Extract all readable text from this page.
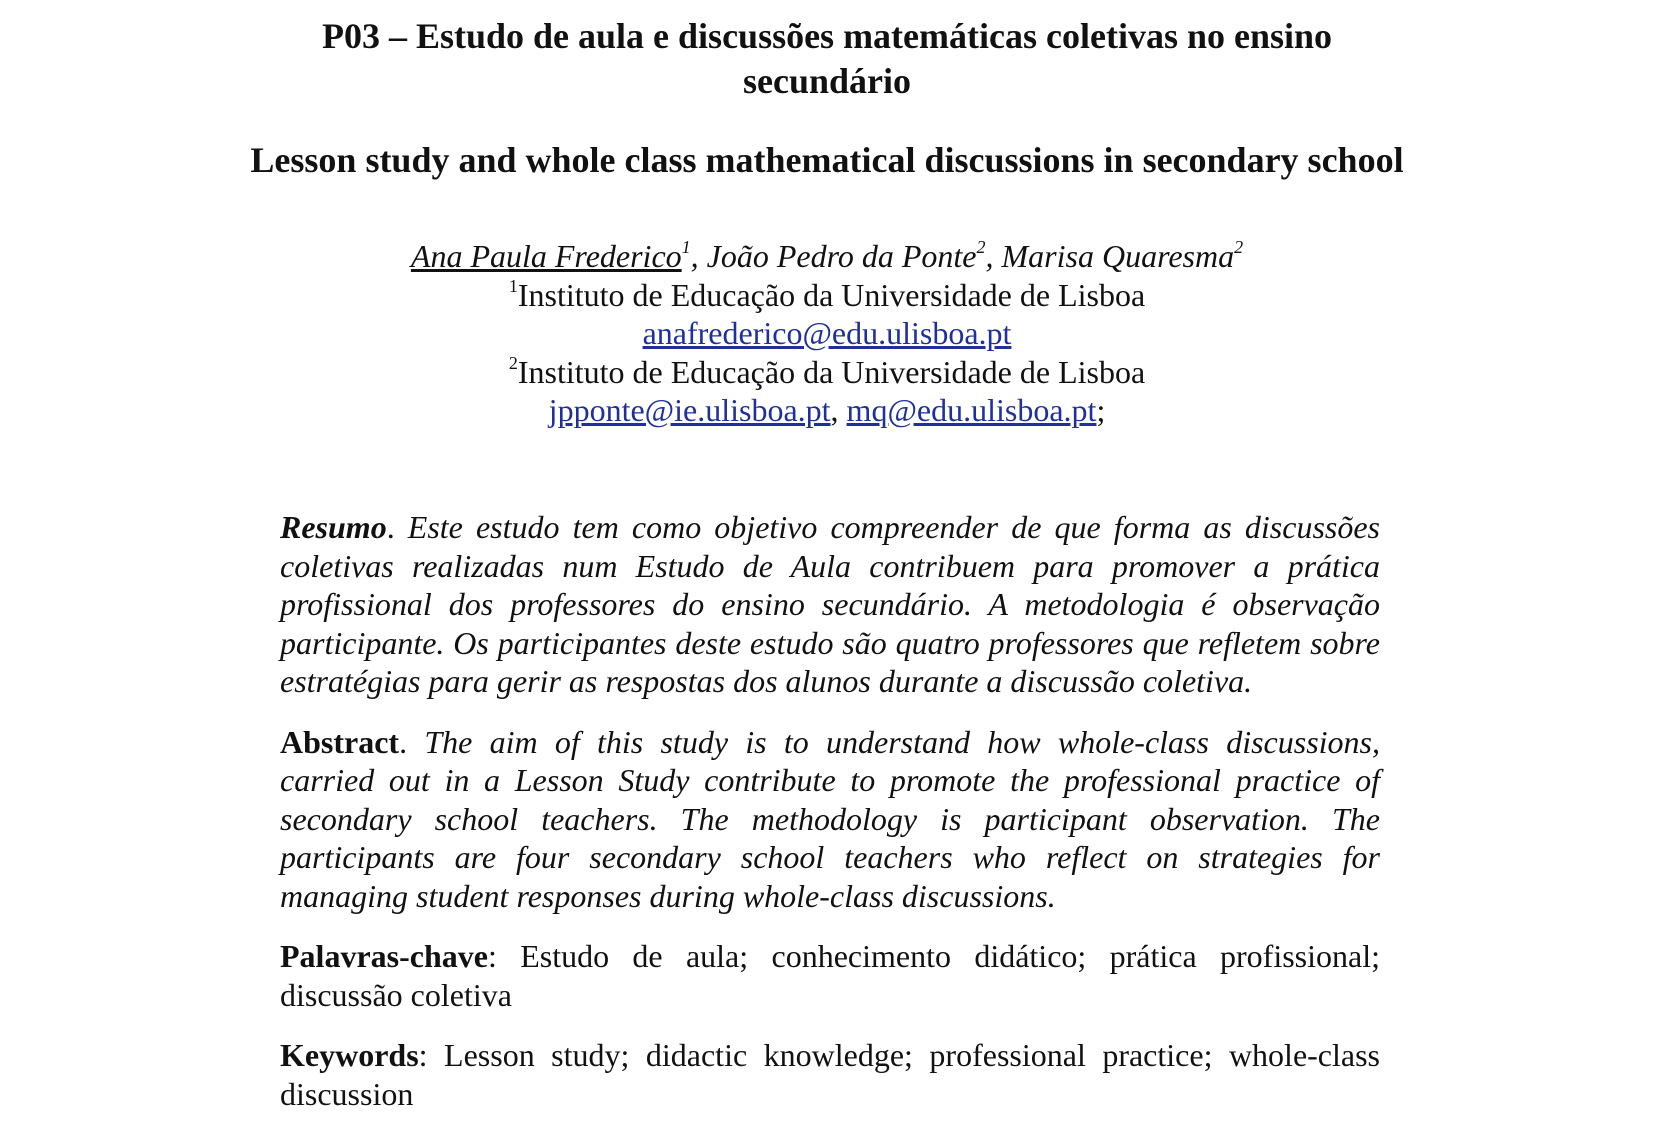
P03 – Estudo de aula e discussões matemáticas coletivas no ensino secundário
Lesson study and whole class mathematical discussions in secondary school
Ana Paula Frederico$^1$, João Pedro da Ponte$^2$, Marisa Quaresma$^2$
$^1$Instituto de Educação da Universidade de Lisboa
anafrederico@edu.ulisboa.pt
$^2$Instituto de Educação da Universidade de Lisboa
jpponte@ie.ulisboa.pt, mq@edu.ulisboa.pt;

Resumo. Este estudo tem como objetivo compreender de que forma as discussões coletivas realizadas num Estudo de Aula contribuem para promover a prática profissional dos professores do ensino secundário. A metodologia é observação participante. Os participantes deste estudo são quatro professores que refletem sobre estratégias para gerir as respostas dos alunos durante a discussão coletiva.

Abstract. The aim of this study is to understand how whole-class discussions, carried out in a Lesson Study contribute to promote the professional practice of secondary school teachers. The methodology is participant observation. The participants are four secondary school teachers who reflect on strategies for managing student responses during whole-class discussions.

Palavras-chave: Estudo de aula; conhecimento didático; prática profissional; discussão coletiva

Keywords: Lesson study; didactic knowledge; professional practice; whole-class discussion
